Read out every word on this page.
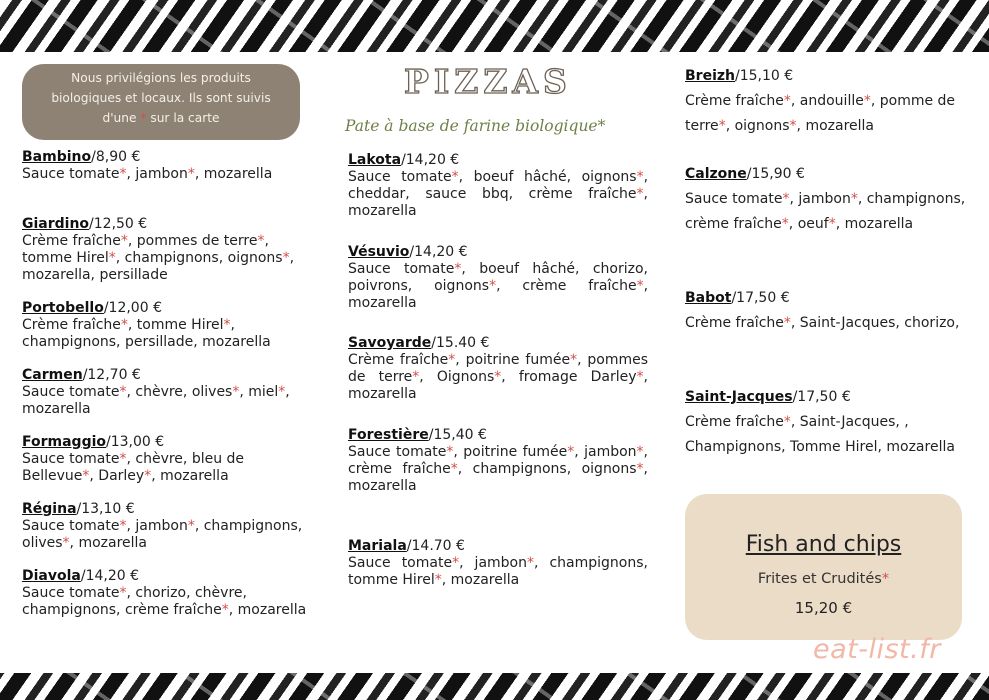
Nous privilégions les produits
biologiques et locaux. Ils sont suivis
d'une * sur la carte
PIZZAS
Pate à base de farine biologique*
Bambino/8,90 €
Sauce tomate*, jambon*, mozarella
Giardino/12,50 €
Crème fraîche*, pommes de terre*, tomme Hirel*, champignons, oignons*, mozarella, persillade
Portobello/12,00 €
Crème fraîche*, tomme Hirel*, champignons, persillade, mozarella
Carmen/12,70 €
Sauce tomate*, chèvre, olives*, miel*, mozarella
Formaggio/13,00 €
Sauce tomate*, chèvre, bleu de Bellevue*, Darley*, mozarella
Régina/13,10 €
Sauce tomate*, jambon*, champignons, olives*, mozarella
Diavola/14,20 €
Sauce tomate*, chorizo, chèvre, champignons, crème fraîche*, mozarella
Lakota/14,20 €
Sauce tomate*, boeuf hâché, oignons*, cheddar, sauce bbq, crème fraîche*, mozarella
Vésuvio/14,20 €
Sauce tomate*, boeuf hâché, chorizo, poivrons, oignons*, crème fraîche*, mozarella
Savoyarde/15.40 €
Crème fraîche*, poitrine fumée*, pommes de terre*, Oignons*, fromage Darley*, mozarella
Forestière/15,40 €
Sauce tomate*, poitrine fumée*, jambon*, crème fraîche*, champignons, oignons*, mozarella
Mariala/14.70 €
Sauce tomate*, jambon*, champignons, tomme Hirel*, mozarella
Breizh/15,10 €
Crème fraîche*, andouille*, pomme de terre*, oignons*, mozarella
Calzone/15,90 €
Sauce tomate*, jambon*, champignons, crème fraîche*, oeuf*, mozarella
Babot/17,50 €
Crème fraîche*, Saint-Jacques, chorizo,
Saint-Jacques/17,50 €
Crème fraîche*, Saint-Jacques, , Champignons, Tomme Hirel, mozarella
Fish and chips
Frites et Crudités*
15,20 €
eat-list.fr
